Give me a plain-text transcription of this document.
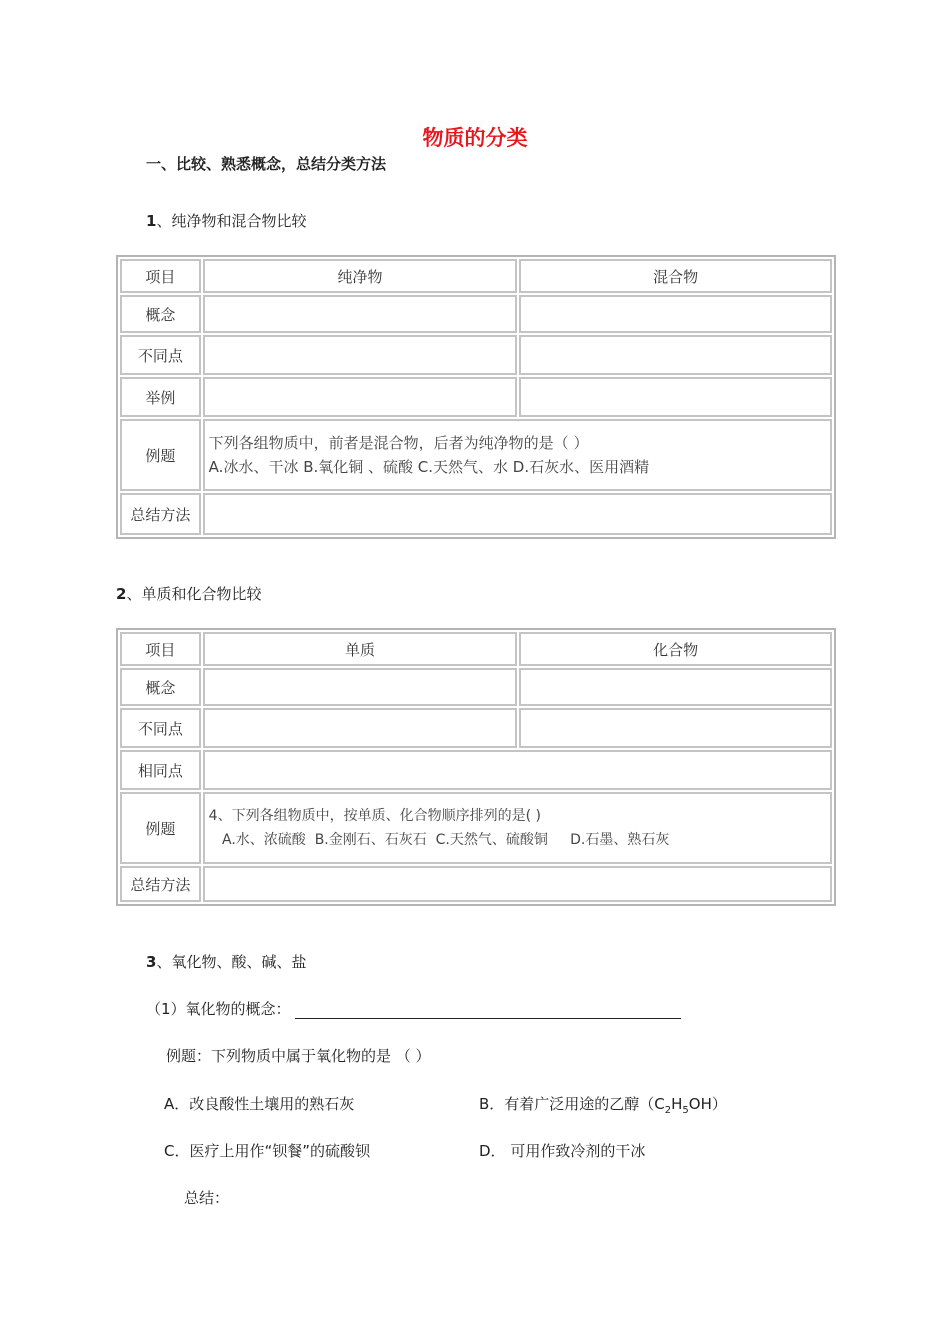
物质的分类
一、比较、熟悉概念，总结分类方法
1、纯净物和混合物比较
项目	纯净物	混合物
概念		
不同点		
举例		
例题	下列各组物质中，前者是混合物，后者为纯净物的是（ ）
A.冰水、干冰 B.氧化铜 、硫酸 C.天然气、水 D.石灰水、医用酒精	

总结方法		
2、单质和化合物比较
项目	单质	化合物
概念		
不同点		
相同点		
例题	4、下列各组物质中，按单质、化合物顺序排列的是( )
A.水、浓硫酸  B.金刚石、石灰石  C.天然气、硫酸铜     D.石墨、熟石灰	

总结方法		
3、氧化物、酸、碱、盐
（1）氧化物的概念：
例题：下列物质中属于氧化物的是 （ ）
A．改良酸性土壤用的熟石灰	B．有着广泛用途的乙醇$(C_2H_5OH)$
C．医疗上用作“钡餐”的硫酸钡	D． 可用作致冷剂的干冰
总结：
